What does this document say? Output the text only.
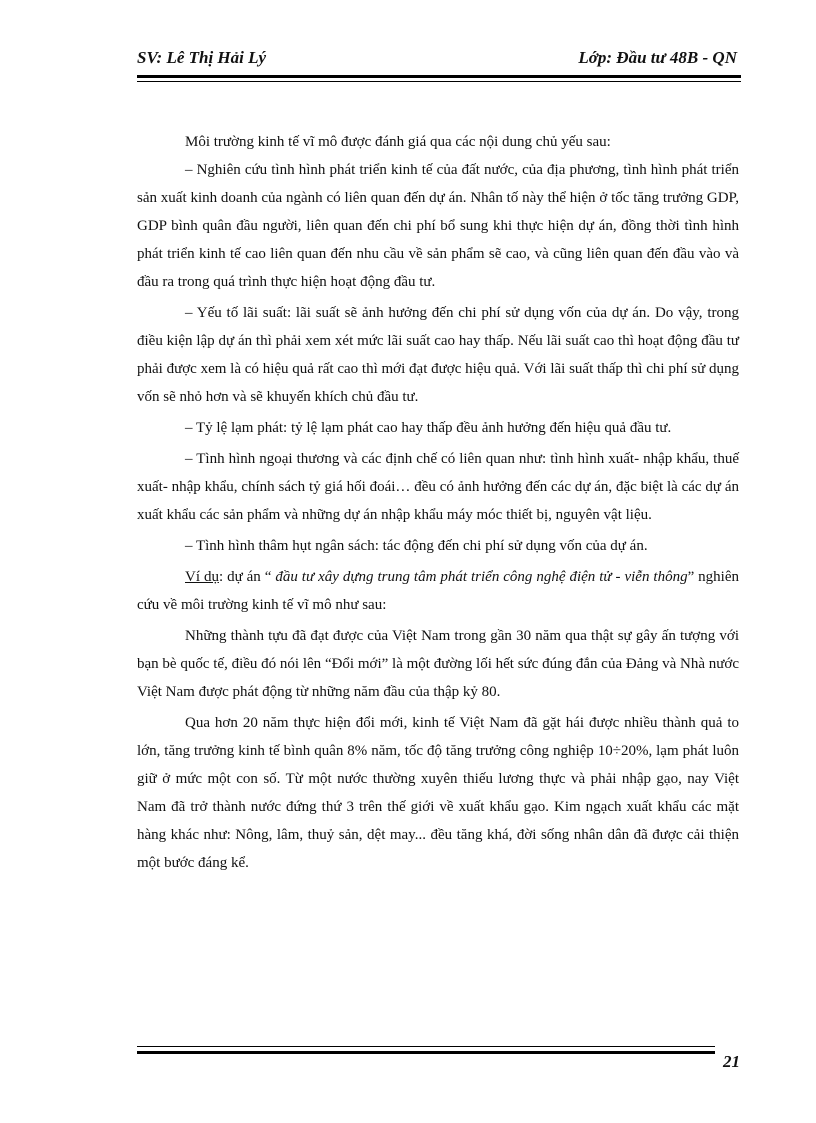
SV: Lê Thị Hải Lý	Lớp: Đầu tư 48B - QN

Môi trường kinh tế vĩ mô được đánh giá qua các nội dung chủ yếu sau:

– Nghiên cứu tình hình phát triển kinh tế của đất nước, của địa phương, tình hình phát triển sản xuất kinh doanh của ngành có liên quan đến dự án. Nhân tố này thể hiện ở tốc tăng trưởng GDP, GDP bình quân đầu người, liên quan đến chi phí bổ sung khi thực hiện dự án, đồng thời tình hình phát triển kinh tế cao liên quan đến nhu cầu về sản phẩm sẽ cao, và cũng liên quan đến đầu vào và đầu ra trong quá trình thực hiện hoạt động đầu tư.

– Yếu tố lãi suất: lãi suất sẽ ảnh hưởng đến chi phí sử dụng vốn của dự án. Do vậy, trong điều kiện lập dự án thì phải xem xét mức lãi suất cao hay thấp. Nếu lãi suất cao thì hoạt động đầu tư phải được xem là có hiệu quả rất cao thì mới đạt được hiệu quả. Với lãi suất thấp thì chi phí sử dụng vốn sẽ nhỏ hơn và sẽ khuyến khích chủ đầu tư.

– Tỷ lệ lạm phát: tỷ lệ lạm phát cao hay thấp đều ảnh hưởng đến hiệu quả đầu tư.

– Tình hình ngoại thương và các định chế có liên quan như: tình hình xuất- nhập khẩu, thuế xuất- nhập khẩu, chính sách tỷ giá hối đoái… đều có ảnh hưởng đến các dự án, đặc biệt là các dự án xuất khẩu các sản phẩm và những dự án nhập khẩu máy móc thiết bị, nguyên vật liệu.

– Tình hình thâm hụt ngân sách: tác động đến chi phí sử dụng vốn của dự án.

Ví dụ: dự án “ đầu tư xây dựng trung tâm phát triển công nghệ điện tử - viễn thông” nghiên cứu về môi trường kinh tế vĩ mô như sau:

Những thành tựu đã đạt được của Việt Nam trong gần 30 năm qua thật sự gây ấn tượng với bạn bè quốc tế, điều đó nói lên “Đổi mới” là một đường lối hết sức đúng đắn của Đảng và Nhà nước Việt Nam được phát động từ những năm đầu của thập kỷ 80.

Qua hơn 20 năm thực hiện đổi mới, kinh tế Việt Nam đã gặt hái được nhiều thành quả to lớn, tăng trưởng kinh tế bình quân 8% năm, tốc độ tăng trưởng công nghiệp 10÷20%, lạm phát luôn giữ ở mức một con số. Từ một nước thường xuyên thiếu lương thực và phải nhập gạo, nay Việt Nam đã trở thành nước đứng thứ 3 trên thế giới về xuất khẩu gạo. Kim ngạch xuất khẩu các mặt hàng khác như: Nông, lâm, thuỷ sản, dệt may... đều tăng khá, đời sống nhân dân đã được cải thiện một bước đáng kể.

21
